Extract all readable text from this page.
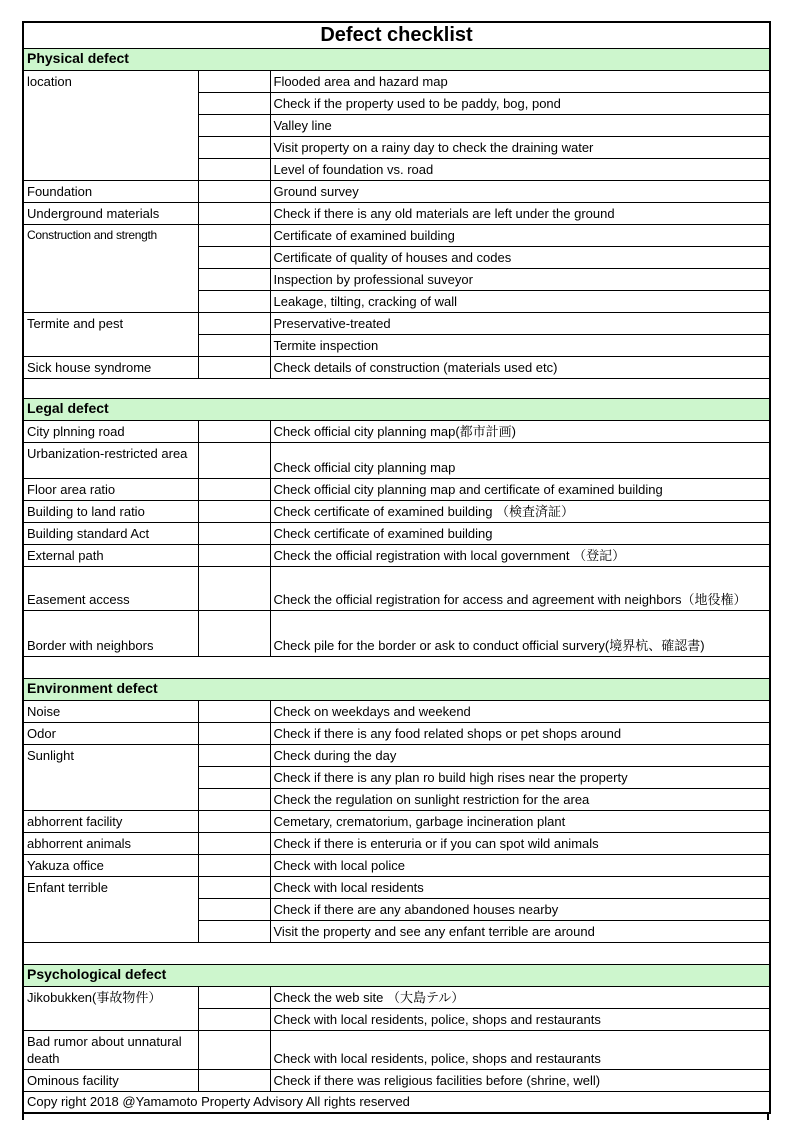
Defect checklist		
Physical defect		
location		Flooded area and hazard map
		Check if the property used to be paddy, bog, pond
		Valley line
		Visit property on a rainy day to check the draining water
		Level of foundation vs. road
Foundation		Ground survey
Underground materials		Check if there is any old materials are left under the ground
Construction and strength		Certificate of examined building
		Certificate of quality of houses and codes
		Inspection by professional suveyor
		Leakage, tilting, cracking of wall
Termite and pest		Preservative-treated
		Termite inspection
Sick house syndrome		Check details of construction (materials used etc)

Legal defect		
City plnning road		Check official city planning map(都市計画)
Urbanization-restricted area		Check official city planning map
Floor area ratio		Check official city planning map and certificate of examined building
Building to land ratio		Check certificate of examined building （検査済証）
Building standard Act		Check certificate of examined building
External path		Check the official registration with local government （登記）
Easement access		Check the official registration for access and agreement with neighbors（地役権）
Border with neighbors		Check pile for the border or ask to conduct official survery(境界杭、確認書)

Environment defect		
Noise		Check on weekdays and weekend
Odor		Check if there is any food related shops or pet shops around
Sunlight		Check during the day
		Check if there is any plan ro build high rises near the property
		Check the regulation on sunlight restriction for the area
abhorrent facility		Cemetary, crematorium, garbage incineration plant
abhorrent animals		Check if there is enteruria or if you can spot wild animals
Yakuza office		Check with local police
Enfant terrible		Check with local residents
		Check if there are any abandoned houses nearby
		Visit the property and see any enfant terrible are around

Psychological defect		
Jikobukken(事故物件）		Check the web site （大島テル）
		Check with local residents, police, shops and restaurants
Bad rumor about unnatural death		Check with local residents, police, shops and restaurants
Ominous facility		Check if there was religious facilities before (shrine, well)
Copy right 2018 @Yamamoto Property Advisory All rights reserved		
